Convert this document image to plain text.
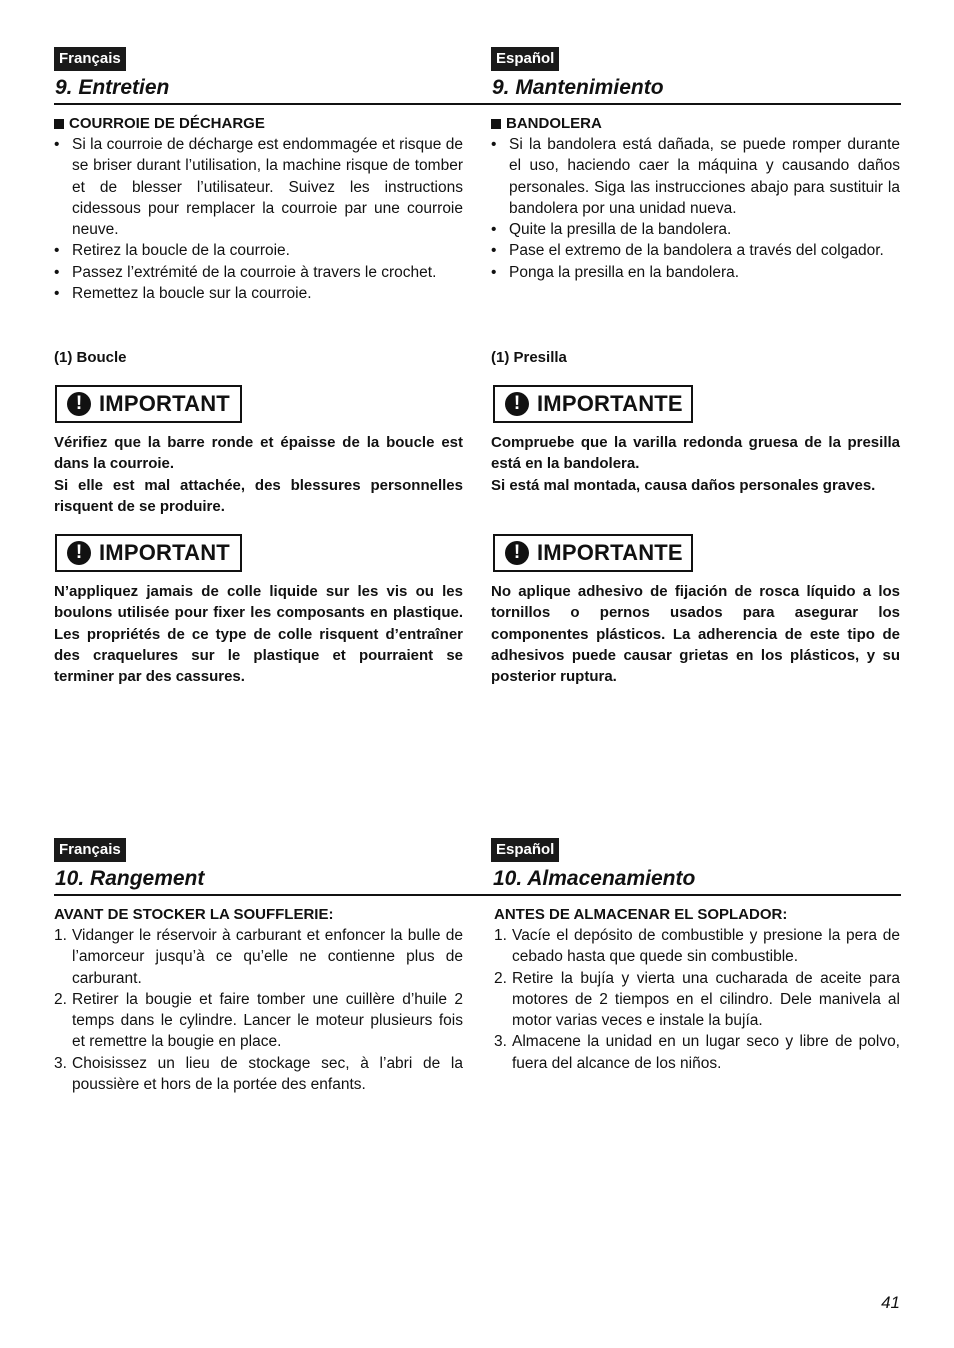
Français
9. Entretien
Español
9. Mantenimiento

COURROIE DE DÉCHARGE

• Si la courroie de décharge est endommagée et risque de se briser durant l’utilisation, la machine risque de tomber et de blesser l’utilisateur. Suivez les instructions cidessous pour remplacer la courroie par une courroie neuve.
• Retirez la boucle de la courroie.
• Passez l’extrémité de la courroie à travers le crochet.
• Remettez la boucle sur la courroie.
(1) Boucle

BANDOLERA

• Si la bandolera está dañada, se puede romper durante el uso, haciendo caer la máquina y causando daños personales. Siga las instrucciones abajo para sustituir la bandolera por una unidad nueva.
• Quite la presilla de la bandolera.
• Pase el extremo de la bandolera a través del colgador.
• Ponga la presilla en la bandolera.
(1) Presilla
! IMPORTANT

Vérifiez que la barre ronde et épaisse de la boucle est dans la courroie.
Si elle est mal attachée, des blessures personnelles risquent de se produire.

! IMPORTANTE

Compruebe que la varilla redonda gruesa de la presilla está en la bandolera.
Si está mal montada, causa daños personales graves.

! IMPORTANT

N’appliquez jamais de colle liquide sur les vis ou les boulons utilisée pour fixer les composants en plastique. Les propriétés de ce type de colle risquent d’entraîner des craquelures sur le plastique et pourraient se terminer par des cassures.

! IMPORTANTE

No aplique adhesivo de fijación de rosca líquido a los tornillos o pernos usados para asegurar los componentes plásticos. La adherencia de este tipo de adhesivos puede causar grietas en los plásticos, y su posterior ruptura.

Français
10. Rangement
Español
10. Almacenamiento

AVANT DE STOCKER LA SOUFFLERIE:

1. Vidanger le réservoir à carburant et enfoncer la bulle de l’amorceur jusqu’à ce qu’elle ne contienne plus de carburant.
2. Retirer la bougie et faire tomber une cuillère d’huile 2 temps dans le cylindre. Lancer le moteur plusieurs fois et remettre la bougie en place.
3. Choisissez un lieu de stockage sec, à l’abri de la poussière et hors de la portée des enfants.

ANTES DE ALMACENAR EL SOPLADOR:

1. Vacíe el depósito de combustible y presione la pera de cebado hasta que quede sin combustible.
2. Retire la bujía y vierta una cucharada de aceite para motores de 2 tiempos en el cilindro. Dele manivela al motor varias veces e instale la bujía.
3. Almacene la unidad en un lugar seco y libre de polvo, fuera del alcance de los niños.
41
